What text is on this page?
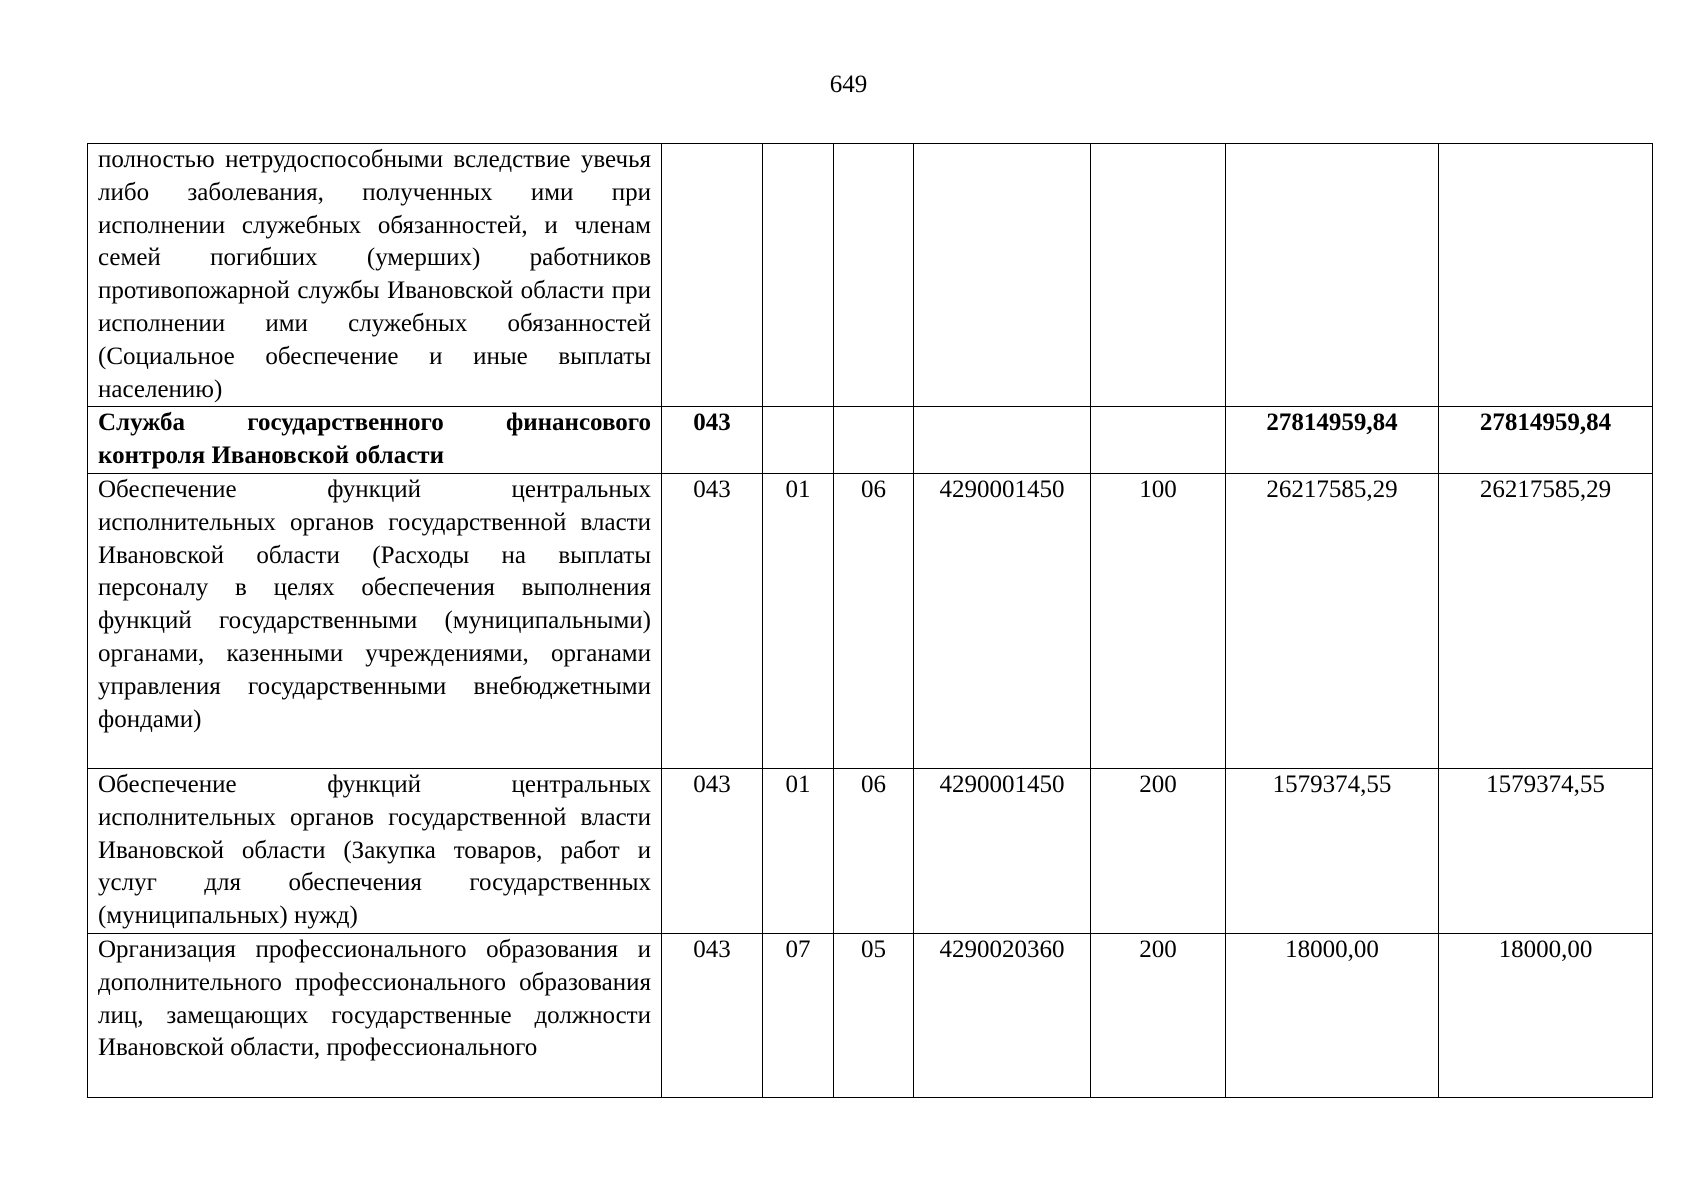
649
полностью нетрудоспособными вследствие увечья либо заболевания, полученных ими при исполнении служебных обязанностей, и членам семей погибших (умерших) работников противопожарной службы Ивановской области при исполнении ими служебных обязанностей (Социальное обеспечение и иные выплаты населению)							
Служба государственного финансового контроля Ивановской области	043					27814959,84	27814959,84
Обеспечение функций центральных исполнительных органов государственной власти Ивановской области (Расходы на выплаты персоналу в целях обеспечения выполнения функций государственными (муниципальными) органами, казенными учреждениями, органами управления государственными внебюджетными фондами)	043	01	06	4290001450	100	26217585,29	26217585,29
Обеспечение функций центральных исполнительных органов государственной власти Ивановской области (Закупка товаров, работ и услуг для обеспечения государственных (муниципальных) нужд)	043	01	06	4290001450	200	1579374,55	1579374,55
Организация профессионального образования и дополнительного профессионального образования лиц, замещающих государственные должности Ивановской области, профессионального	043	07	05	4290020360	200	18000,00	18000,00
